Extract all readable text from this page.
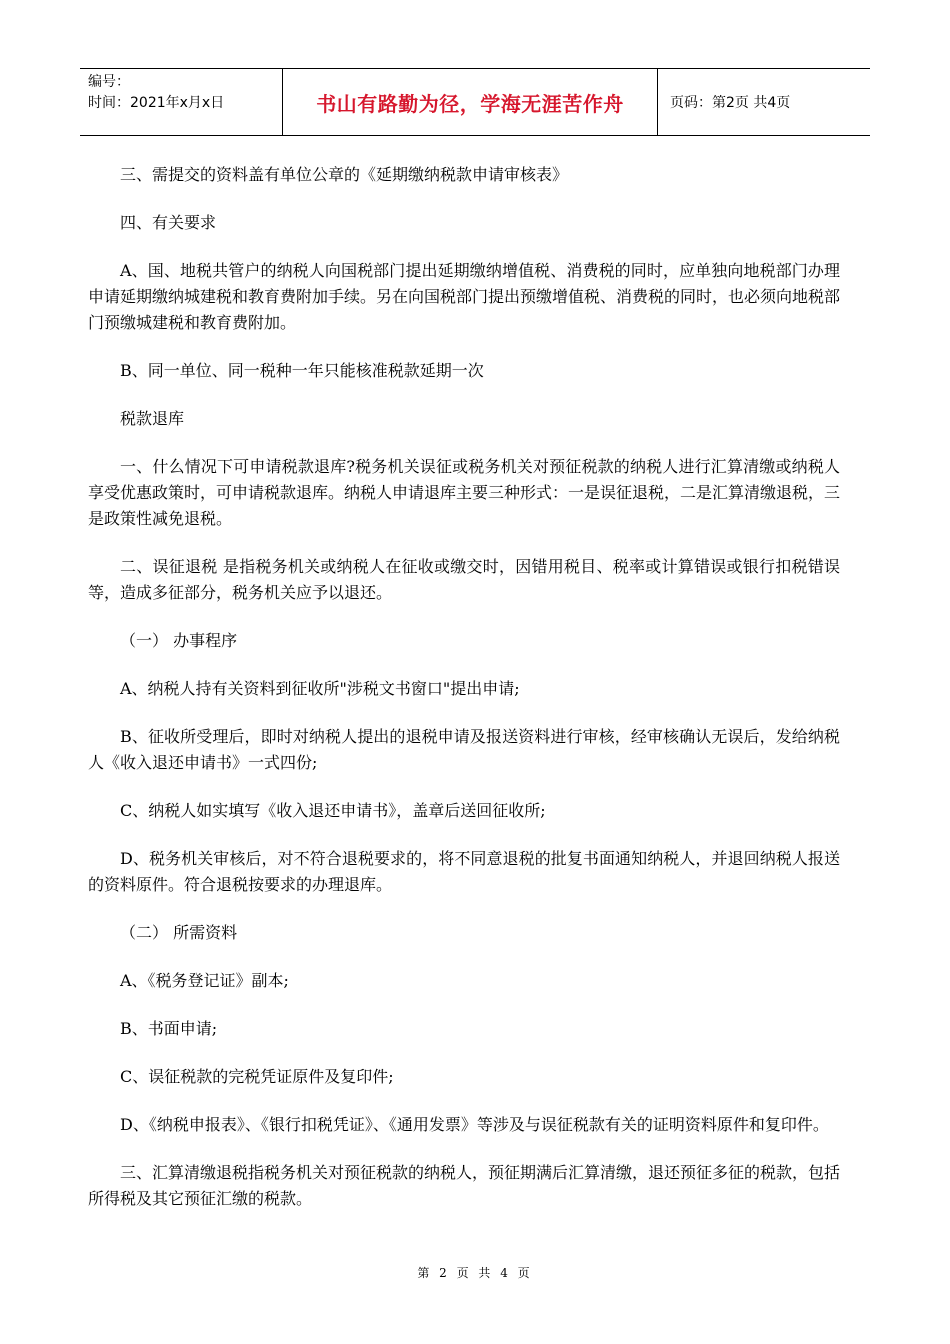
编号：
时间：2021年x月x日	书山有路勤为径，学海无涯苦作舟	页码：第2页 共4页

三、需提交的资料盖有单位公章的《延期缴纳税款申请审核表》

四、有关要求

A、国、地税共管户的纳税人向国税部门提出延期缴纳增值税、消费税的同时，应单独向地税部门办理申请延期缴纳城建税和教育费附加手续。另在向国税部门提出预缴增值税、消费税的同时，也必须向地税部门预缴城建税和教育费附加。

B、同一单位、同一税种一年只能核准税款延期一次

税款退库

一、什么情况下可申请税款退库?税务机关误征或税务机关对预征税款的纳税人进行汇算清缴或纳税人享受优惠政策时，可申请税款退库。纳税人申请退库主要三种形式：一是误征退税，二是汇算清缴退税，三是政策性减免退税。

二、误征退税 是指税务机关或纳税人在征收或缴交时，因错用税目、税率或计算错误或银行扣税错误等，造成多征部分，税务机关应予以退还。

（一） 办事程序

A、纳税人持有关资料到征收所"涉税文书窗口"提出申请;

B、征收所受理后，即时对纳税人提出的退税申请及报送资料进行审核，经审核确认无误后，发给纳税人《收入退还申请书》一式四份;

C、纳税人如实填写《收入退还申请书》，盖章后送回征收所;

D、税务机关审核后，对不符合退税要求的，将不同意退税的批复书面通知纳税人，并退回纳税人报送的资料原件。符合退税按要求的办理退库。

（二） 所需资料

A、《税务登记证》副本;

B、书面申请;

C、误征税款的完税凭证原件及复印件;

D、《纳税申报表》、《银行扣税凭证》、《通用发票》等涉及与误征税款有关的证明资料原件和复印件。

三、汇算清缴退税指税务机关对预征税款的纳税人，预征期满后汇算清缴，退还预征多征的税款，包括所得税及其它预征汇缴的税款。

第 2 页 共 4 页
